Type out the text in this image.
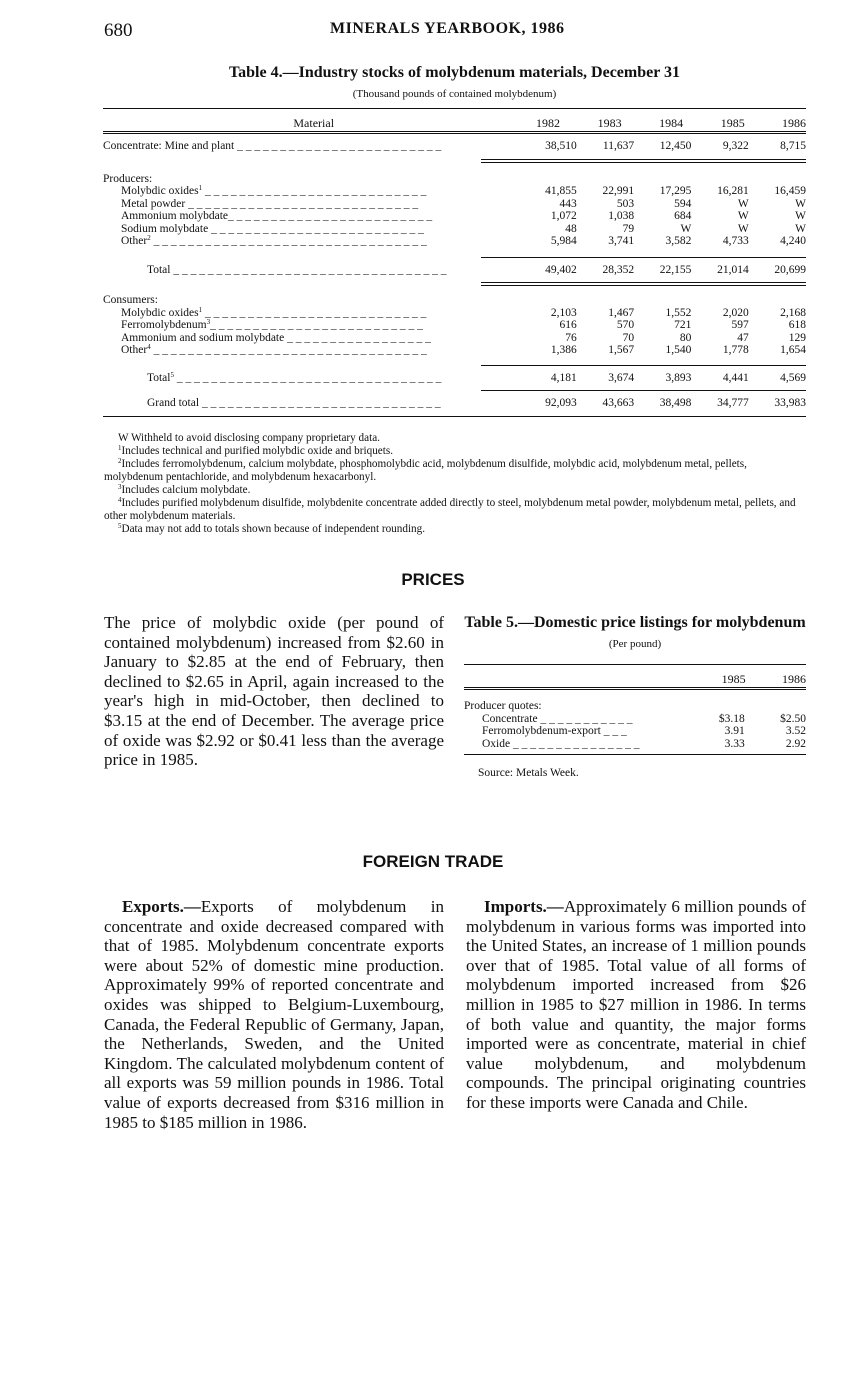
680	MINERALS YEARBOOK, 1986
Table 4.—Industry stocks of molybdenum materials, December 31
(Thousand pounds of contained molybdenum)
Material	1982	1983	1984	1985	1986
Concentrate: Mine and plant _ _ _ _ _ _ _ _ _ _ _ _ _ _ _ _ _ _ _ _ _ _ _ _	38,510	11,637	12,450	9,322	8,715
Producers:					
Molybdic oxides$^1$ _ _ _ _ _ _ _ _ _ _ _ _ _ _ _ _ _ _ _ _ _ _ _ _ _ _	41,855	22,991	17,295	16,281	16,459
Metal powder _ _ _ _ _ _ _ _ _ _ _ _ _ _ _ _ _ _ _ _ _ _ _ _ _ _ _	443	503	594	W	W
Ammonium molybdate_ _ _ _ _ _ _ _ _ _ _ _ _ _ _ _ _ _ _ _ _ _ _ _	1,072	1,038	684	W	W
Sodium molybdate _ _ _ _ _ _ _ _ _ _ _ _ _ _ _ _ _ _ _ _ _ _ _ _ _	48	79	W	W	W
Other$^2$ _ _ _ _ _ _ _ _ _ _ _ _ _ _ _ _ _ _ _ _ _ _ _ _ _ _ _ _ _ _ _ _	5,984	3,741	3,582	4,733	4,240
Total _ _ _ _ _ _ _ _ _ _ _ _ _ _ _ _ _ _ _ _ _ _ _ _ _ _ _ _ _ _ _ _	49,402	28,352	22,155	21,014	20,699
Consumers:					
Molybdic oxides$^1$ _ _ _ _ _ _ _ _ _ _ _ _ _ _ _ _ _ _ _ _ _ _ _ _ _ _	2,103	1,467	1,552	2,020	2,168
Ferromolybdenum$^3$_ _ _ _ _ _ _ _ _ _ _ _ _ _ _ _ _ _ _ _ _ _ _ _ _	616	570	721	597	618
Ammonium and sodium molybdate _ _ _ _ _ _ _ _ _ _ _ _ _ _ _ _ _	76	70	80	47	129
Other$^4$ _ _ _ _ _ _ _ _ _ _ _ _ _ _ _ _ _ _ _ _ _ _ _ _ _ _ _ _ _ _ _ _	1,386	1,567	1,540	1,778	1,654
Total$^5$ _ _ _ _ _ _ _ _ _ _ _ _ _ _ _ _ _ _ _ _ _ _ _ _ _ _ _ _ _ _ _	4,181	3,674	3,893	4,441	4,569
Grand total _ _ _ _ _ _ _ _ _ _ _ _ _ _ _ _ _ _ _ _ _ _ _ _ _ _ _ _	92,093	43,663	38,498	34,777	33,983

W Withheld to avoid disclosing company proprietary data.

$^1$Includes technical and purified molybdic oxide and briquets.

$^2$Includes ferromolybdenum, calcium molybdate, phosphomolybdic acid, molybdenum disulfide, molybdic acid, molybdenum metal, pellets, molybdenum pentachloride, and molybdenum hexacarbonyl.

$^3$Includes calcium molybdate.

$^4$Includes purified molybdenum disulfide, molybdenite concentrate added directly to steel, molybdenum metal powder, molybdenum metal, pellets, and other molybdenum materials.

$^5$Data may not add to totals shown because of independent rounding.

PRICES
The price of molybdic oxide (per pound of contained molybdenum) increased from $2.60 in January to $2.85 at the end of February, then declined to $2.65 in April, again increased to the year's high in mid-October, then declined to $3.15 at the end of December. The average price of oxide was $2.92 or $0.41 less than the average price in 1985.
Table 5.—Domestic price listings for molybdenum
(Per pound)
	1985	1986
Producer quotes:		
Concentrate _ _ _ _ _ _ _ _ _ _ _	$3.18	$2.50
Ferromolybdenum-export _ _ _	3.91	3.52
Oxide _ _ _ _ _ _ _ _ _ _ _ _ _ _ _	3.33	2.92
Source: Metals Week.
FOREIGN TRADE
Exports.—Exports of molybdenum in concentrate and oxide decreased compared with that of 1985. Molybdenum concentrate exports were about 52% of domestic mine production. Approximately 99% of reported concentrate and oxides was shipped to Belgium-Luxembourg, Canada, the Federal Republic of Germany, Japan, the Netherlands, Sweden, and the United Kingdom. The calculated molybdenum content of all exports was 59 million pounds in 1986. Total value of exports decreased from $316 million in 1985 to $185 million in 1986.
Imports.—Approximately 6 million pounds of molybdenum in various forms was imported into the United States, an increase of 1 million pounds over that of 1985. Total value of all forms of molybdenum imported increased from $26 million in 1985 to $27 million in 1986. In terms of both value and quantity, the major forms imported were as concentrate, material in chief value molybdenum, and molybdenum compounds. The principal originating countries for these imports were Canada and Chile.
